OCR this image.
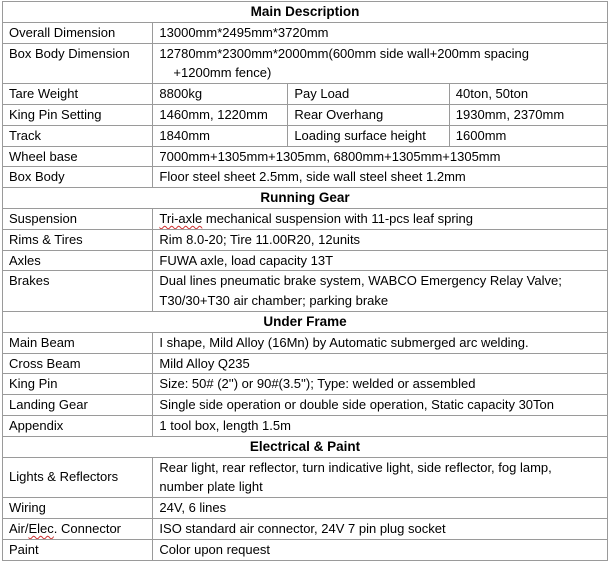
Main Description			
Overall Dimension	13000mm*2495mm*3720mm		
Box Body Dimension	12780mm*2300mm*2000mm(600mm side wall+200mm spacing
+1200mm fence)		

Tare Weight	8800kg	Pay Load	40ton, 50ton
King Pin Setting	1460mm, 1220mm	Rear Overhang	1930mm, 2370mm
Track	1840mm	Loading surface height	1600mm
Wheel base	7000mm+1305mm+1305mm, 6800mm+1305mm+1305mm		
Box Body	Floor steel sheet 2.5mm, side wall steel sheet 1.2mm		
Running Gear			
Suspension	Tri-axle mechanical suspension with 11-pcs leaf spring		
Rims & Tires	Rim 8.0-20; Tire 11.00R20, 12units		
Axles	FUWA axle, load capacity 13T		
Brakes	Dual lines pneumatic brake system, WABCO Emergency Relay Valve;
T30/30+T30 air chamber; parking brake		

Under Frame			
Main Beam	I shape, Mild Alloy (16Mn) by Automatic submerged arc welding.		
Cross Beam	Mild Alloy Q235		
King Pin	Size: 50# (2'') or 90#(3.5''); Type: welded or assembled		
Landing Gear	Single side operation or double side operation, Static capacity 30Ton		
Appendix	1 tool box, length 1.5m		
Electrical & Paint			
Lights & Reflectors	Rear light, rear reflector, turn indicative light, side reflector, fog lamp,
number plate light		

Wiring	24V, 6 lines		
Air/Elec. Connector	ISO standard air connector, 24V 7 pin plug socket		
Paint	Color upon request		
